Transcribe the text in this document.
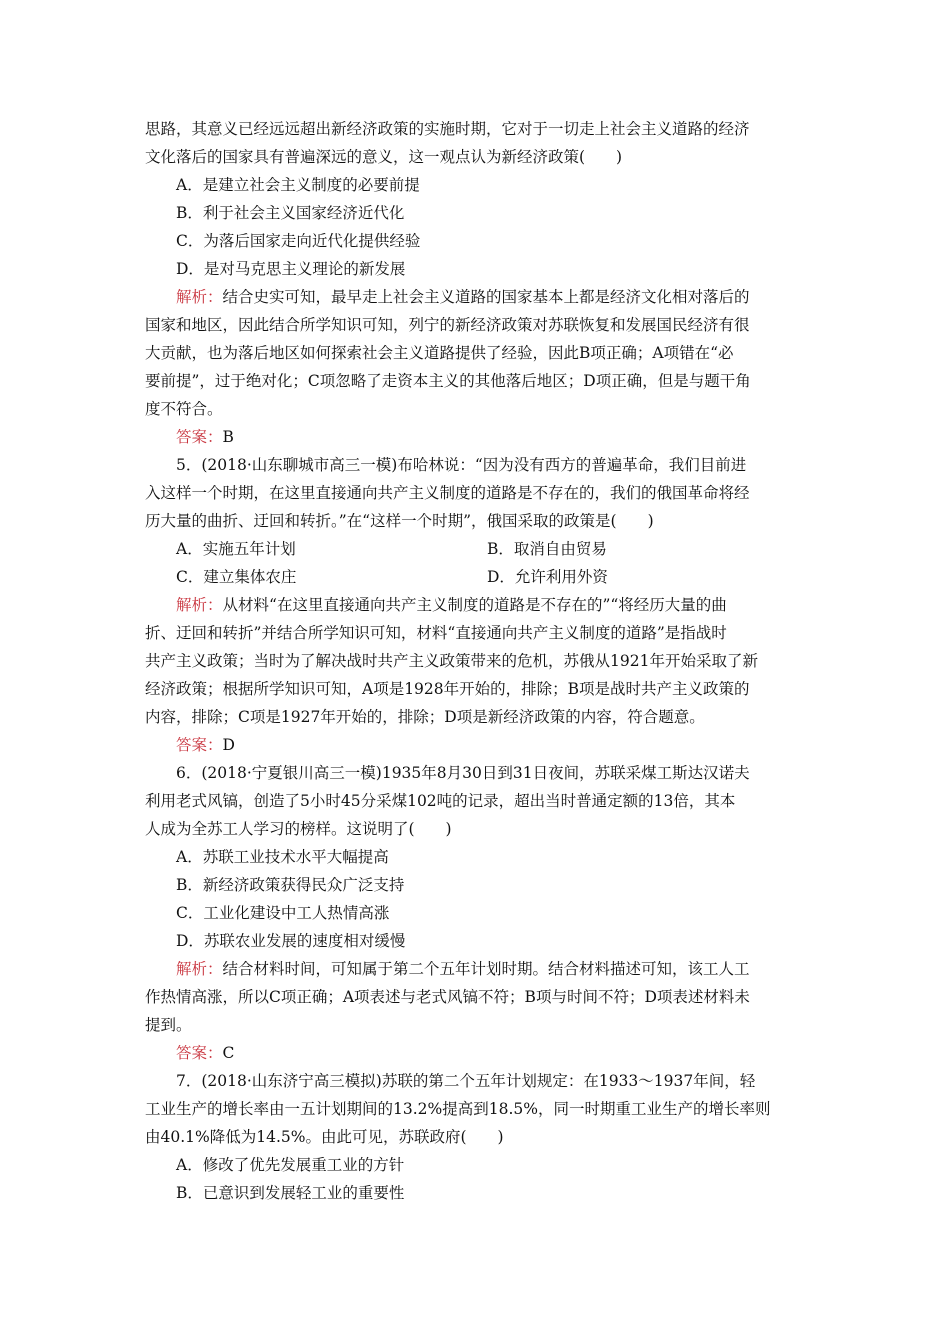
思路，其意义已经远远超出新经济政策的实施时期，它对于一切走上社会主义道路的经济
文化落后的国家具有普遍深远的意义，这一观点认为新经济政策(　　)
A．是建立社会主义制度的必要前提
B．利于社会主义国家经济近代化
C．为落后国家走向近代化提供经验
D．是对马克思主义理论的新发展
解析：结合史实可知，最早走上社会主义道路的国家基本上都是经济文化相对落后的
国家和地区，因此结合所学知识可知，列宁的新经济政策对苏联恢复和发展国民经济有很
大贡献，也为落后地区如何探索社会主义道路提供了经验，因此B项正确；A项错在“必
要前提”，过于绝对化；C项忽略了走资本主义的其他落后地区；D项正确，但是与题干角
度不符合。
答案：B
5．(2018·山东聊城市高三一模)布哈林说：“因为没有西方的普遍革命，我们目前进
入这样一个时期，在这里直接通向共产主义制度的道路是不存在的，我们的俄国革命将经
历大量的曲折、迂回和转折。”在“这样一个时期”，俄国采取的政策是(　　)
A．实施五年计划	B．取消自由贸易
C．建立集体农庄	D．允许利用外资
解析：从材料“在这里直接通向共产主义制度的道路是不存在的”“将经历大量的曲
折、迂回和转折”并结合所学知识可知，材料“直接通向共产主义制度的道路”是指战时
共产主义政策；当时为了解决战时共产主义政策带来的危机，苏俄从1921年开始采取了新
经济政策；根据所学知识可知，A项是1928年开始的，排除；B项是战时共产主义政策的
内容，排除；C项是1927年开始的，排除；D项是新经济政策的内容，符合题意。
答案：D
6．(2018·宁夏银川高三一模)1935年8月30日到31日夜间，苏联采煤工斯达汉诺夫
利用老式风镐，创造了5小时45分采煤102吨的记录，超出当时普通定额的13倍，其本
人成为全苏工人学习的榜样。这说明了(　　)
A．苏联工业技术水平大幅提高
B．新经济政策获得民众广泛支持
C．工业化建设中工人热情高涨
D．苏联农业发展的速度相对缓慢
解析：结合材料时间，可知属于第二个五年计划时期。结合材料描述可知，该工人工
作热情高涨，所以C项正确；A项表述与老式风镐不符；B项与时间不符；D项表述材料未
提到。
答案：C
7．(2018·山东济宁高三模拟)苏联的第二个五年计划规定：在1933～1937年间，轻
工业生产的增长率由一五计划期间的13.2%提高到18.5%，同一时期重工业生产的增长率则
由40.1%降低为14.5%。由此可见，苏联政府(　　)
A．修改了优先发展重工业的方针
B．已意识到发展轻工业的重要性
